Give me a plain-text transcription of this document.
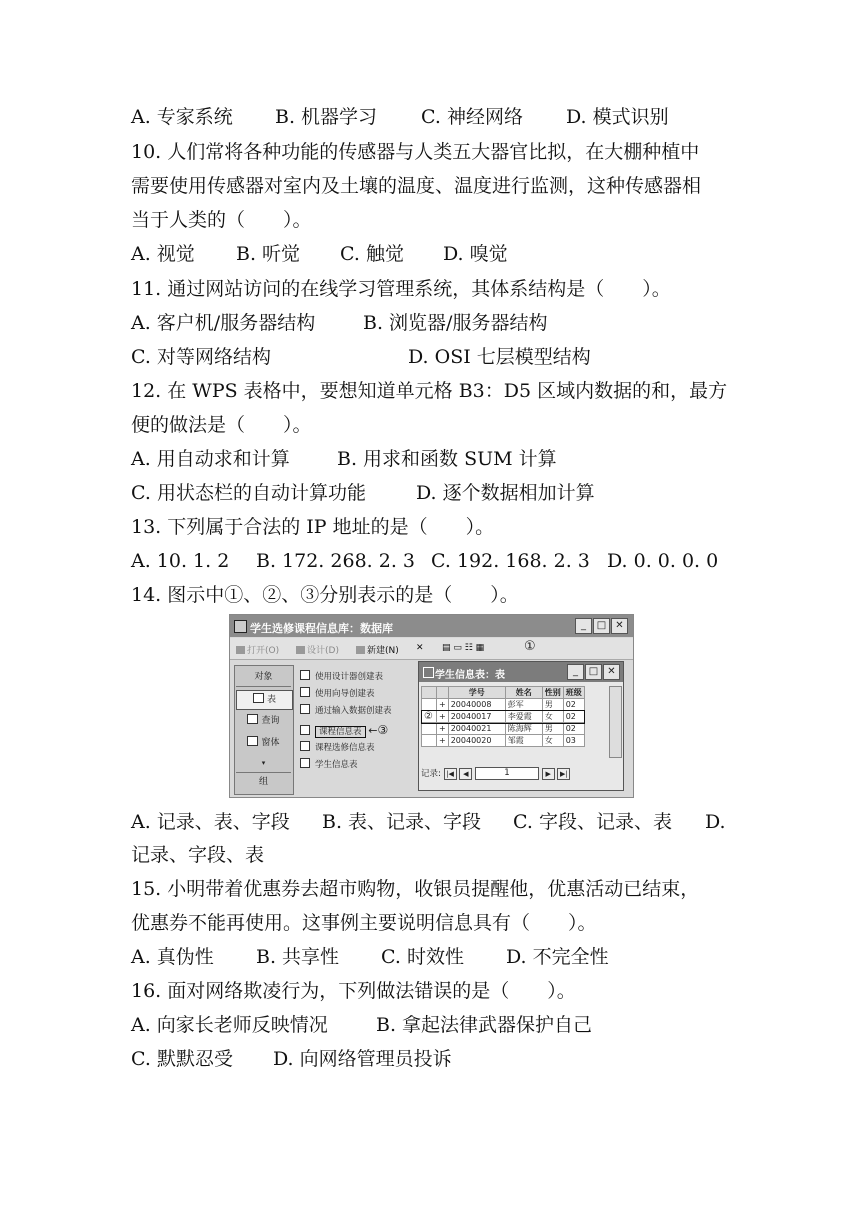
A. 专家系统 B. 机器学习 C. 神经网络 D. 模式识别
10. 人们常将各种功能的传感器与人类五大器官比拟，在大棚种植中
需要使用传感器对室内及土壤的温度、温度进行监测，这种传感器相
当于人类的（　　）。
A. 视觉 B. 听觉 C. 触觉 D. 嗅觉
11. 通过网站访问的在线学习管理系统，其体系结构是（　　）。
A. 客户机/服务器结构	B. 浏览器/服务器结构
C. 对等网络结构	D. OSI 七层模型结构
12. 在 WPS 表格中，要想知道单元格 B3：D5 区域内数据的和，最方
便的做法是（　　）。
A. 用自动求和计算 B. 用求和函数 SUM 计算
C. 用状态栏的自动计算功能	D. 逐个数据相加计算
13. 下列属于合法的 IP 地址的是（　　）。
A. 10. 1. 2 B. 172. 268. 2. 3 C. 192. 168. 2. 3 D. 0. 0. 0. 0
14. 图示中①、②、③分别表示的是（　　）。
学生选修课程信息库：数据库	_	□ ✕
打开(O)	设计(D)	新建(N) ✕ ▤ ▭ ☷ ▦	①
对象
表
查询
窗体
▾
组
使用设计器创建表
使用向导创建表
通过输入数据创建表
课程信息表 ←③
课程选修信息表
学生信息表
学生信息表：表	_	□ ✕
		学号	姓名	性别	班级
	+	20040008	彭军	男	02
②	+	20040017	李爱霞	女	02
	+	20040021	陈海辉	男	02
	+	20040020	邹霞	女	03
记录: |◀ ◀	1	▶ ▶|
A. 记录、表、字段 B. 表、记录、字段 C. 字段、记录、表 D.
记录、字段、表
15. 小明带着优惠券去超市购物，收银员提醒他，优惠活动已结束，
优惠券不能再使用。这事例主要说明信息具有（　　）。
A. 真伪性 B. 共享性 C. 时效性 D. 不完全性
16. 面对网络欺凌行为，下列做法错误的是（　　）。
A. 向家长老师反映情况	B. 拿起法律武器保护自己
C. 默默忍受 D. 向网络管理员投诉
